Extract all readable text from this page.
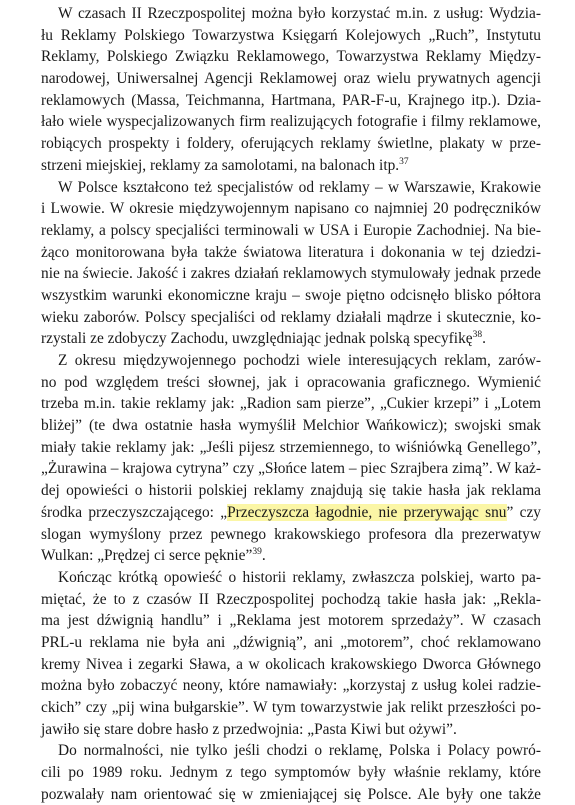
W czasach II Rzeczpospolitej można było korzystać m.in. z usług: Wydzia-
łu Reklamy Polskiego Towarzystwa Księgarń Kolejowych „Ruch”, Instytutu
Reklamy, Polskiego Związku Reklamowego, Towarzystwa Reklamy Między-
narodowej, Uniwersalnej Agencji Reklamowej oraz wielu prywatnych agencji
reklamowych (Massa, Teichmanna, Hartmana, PAR-F-u, Krajnego itp.). Dzia-
łało wiele wyspecjalizowanych firm realizujących fotografie i filmy reklamowe,
robiących prospekty i foldery, oferujących reklamy świetlne, plakaty w prze-
strzeni miejskiej, reklamy za samolotami, na balonach itp.$^{37}$
W Polsce kształcono też specjalistów od reklamy – w Warszawie, Krakowie
i Lwowie. W okresie międzywojennym napisano co najmniej 20 podręczników
reklamy, a polscy specjaliści terminowali w USA i Europie Zachodniej. Na bie-
żąco monitorowana była także światowa literatura i dokonania w tej dziedzi-
nie na świecie. Jakość i zakres działań reklamowych stymulowały jednak przede
wszystkim warunki ekonomiczne kraju – swoje piętno odcisnęło blisko półtora
wieku zaborów. Polscy specjaliści od reklamy działali mądrze i skutecznie, ko-
rzystali ze zdobyczy Zachodu, uwzględniając jednak polską specyfikę$^{38}$.
Z okresu międzywojennego pochodzi wiele interesujących reklam, zarów-
no pod względem treści słownej, jak i opracowania graficznego. Wymienić
trzeba m.in. takie reklamy jak: „Radion sam pierze”, „Cukier krzepi” i „Lotem
bliżej” (te dwa ostatnie hasła wymyślił Melchior Wańkowicz); swojski smak
miały takie reklamy jak: „Jeśli pijesz strzemiennego, to wiśniówką Genellego”,
„Żurawina – krajowa cytryna” czy „Słońce latem – piec Szrajbera zimą”. W każ-
dej opowieści o historii polskiej reklamy znajdują się takie hasła jak reklama
środka przeczyszczającego: „Przeczyszcza łagodnie, nie przerywając snu” czy
slogan wymyślony przez pewnego krakowskiego profesora dla prezerwatyw
Wulkan: „Prędzej ci serce pęknie”$^{39}$.
Kończąc krótką opowieść o historii reklamy, zwłaszcza polskiej, warto pa-
miętać, że to z czasów II Rzeczpospolitej pochodzą takie hasła jak: „Rekla-
ma jest dźwignią handlu” i „Reklama jest motorem sprzedaży”. W czasach
PRL-u reklama nie była ani „dźwignią”, ani „motorem”, choć reklamowano
kremy Nivea i zegarki Sława, a w okolicach krakowskiego Dworca Głównego
można było zobaczyć neony, które namawiały: „korzystaj z usług kolei radzie-
ckich” czy „pij wina bułgarskie”. W tym towarzystwie jak relikt przeszłości po-
jawiło się stare dobre hasło z przedwojnia: „Pasta Kiwi but ożywi”.
Do normalności, nie tylko jeśli chodzi o reklamę, Polska i Polacy powró-
cili po 1989 roku. Jednym z tego symptomów były właśnie reklamy, które
pozwalały nam orientować się w zmieniającej się Polsce. Ale były one także
